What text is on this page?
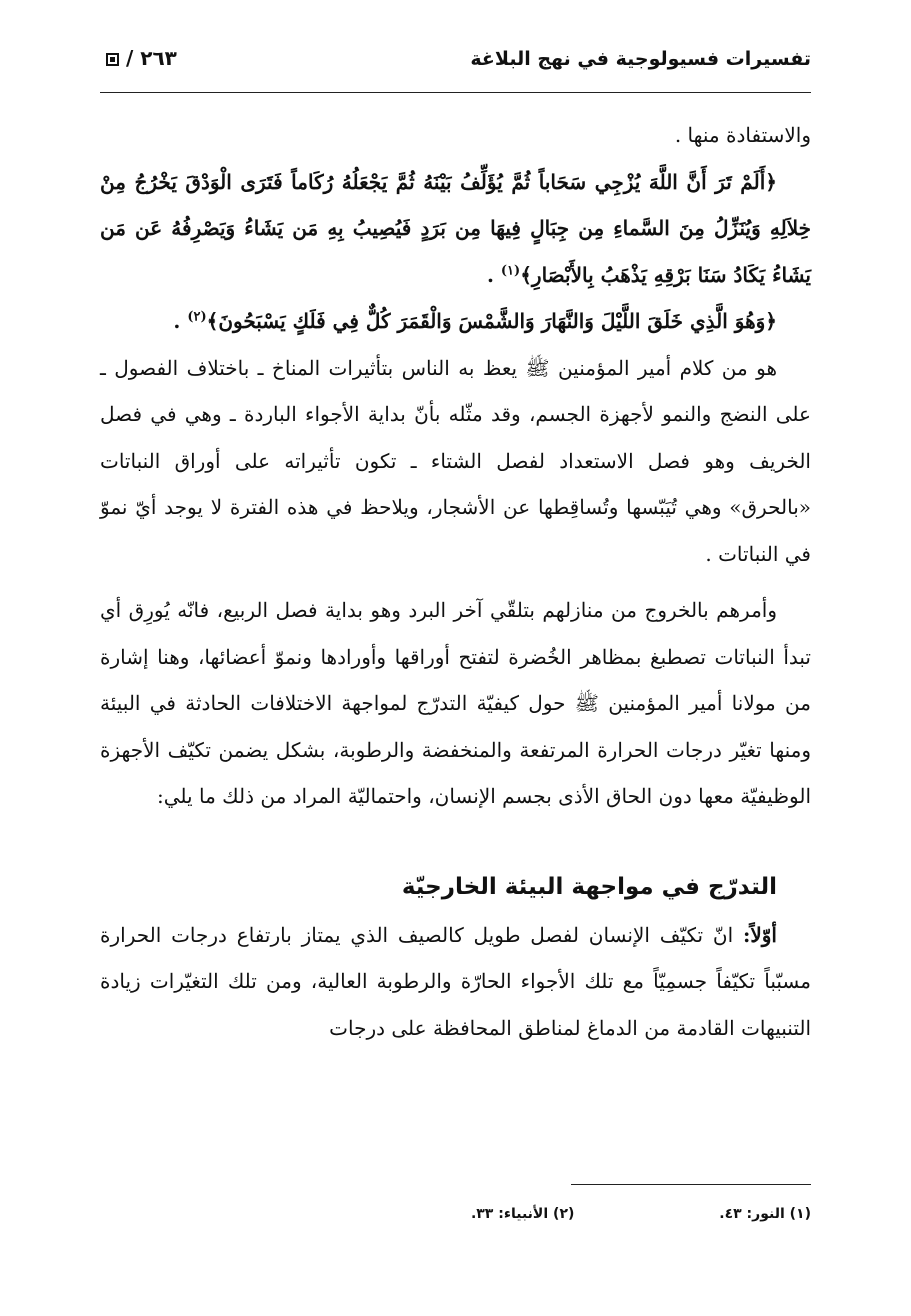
تفسيرات فسيولوجية في نهج البلاغة
٢٦٣ /

والاستفادة منها .

﴿أَلَمْ تَرَ أَنَّ اللَّهَ يُزْجِي سَحَاباً ثُمَّ يُؤَلِّفُ بَيْنَهُ ثُمَّ يَجْعَلُهُ رُكَاماً فَتَرَى الْوَدْقَ يَخْرُجُ مِنْ خِلاَلِهِ وَيُنَزِّلُ مِنَ السَّماءِ مِن جِبَالٍ فِيهَا مِن بَرَدٍ فَيُصِيبُ بِهِ مَن يَشَاءُ وَيَصْرِفُهُ عَن مَن يَشَاءُ يَكَادُ سَنَا بَرْقِهِ يَذْهَبُ بِالأَبْصَارِ﴾$^{(١)}$ .

﴿وَهُوَ الَّذِي خَلَقَ اللَّيْلَ وَالنَّهَارَ وَالشَّمْسَ وَالْقَمَرَ كُلٌّ فِي فَلَكٍ يَسْبَحُونَ﴾$^{(٢)}$ .

هو من كلام أمير المؤمنين ﷺ يعظ به الناس بتأثيرات المناخ ـ باختلاف الفصول ـ على النضج والنمو لأجهزة الجسم، وقد مثّله بأنّ بداية الأجواء الباردة ـ وهي في فصل الخريف وهو فصل الاستعداد لفصل الشتاء ـ تكون تأثيراته على أوراق النباتات «بالحرق» وهي تُيَبّسها وتُساقِطها عن الأشجار، ويلاحظ في هذه الفترة لا يوجد أيّ نموّ في النباتات .

وأمرهم بالخروج من منازلهم بتلقّي آخر البرد وهو بداية فصل الربيع، فانّه يُورِق أي تبدأ النباتات تصطبغ بمظاهر الخُضرة لتفتح أوراقها وأورادها ونموّ أعضائها، وهنا إشارة من مولانا أمير المؤمنين ﷺ حول كيفيّة التدرّج لمواجهة الاختلافات الحادثة في البيئة ومنها تغيّر درجات الحرارة المرتفعة والمنخفضة والرطوبة، بشكل يضمن تكيّف الأجهزة الوظيفيّة معها دون الحاق الأذى بجسم الإنسان، واحتماليّة المراد من ذلك ما يلي:

التدرّج في مواجهة البيئة الخارجيّة

أوّلاً: انّ تكيّف الإنسان لفصل طويل كالصيف الذي يمتاز بارتفاع درجات الحرارة مسبّباً تكيّفاً جسمِيّاً مع تلك الأجواء الحارّة والرطوبة العالية، ومن تلك التغيّرات زيادة التنبيهات القادمة من الدماغ لمناطق المحافظة على درجات

(١) النور: ٤٣. (٢) الأنبياء: ٣٣.
